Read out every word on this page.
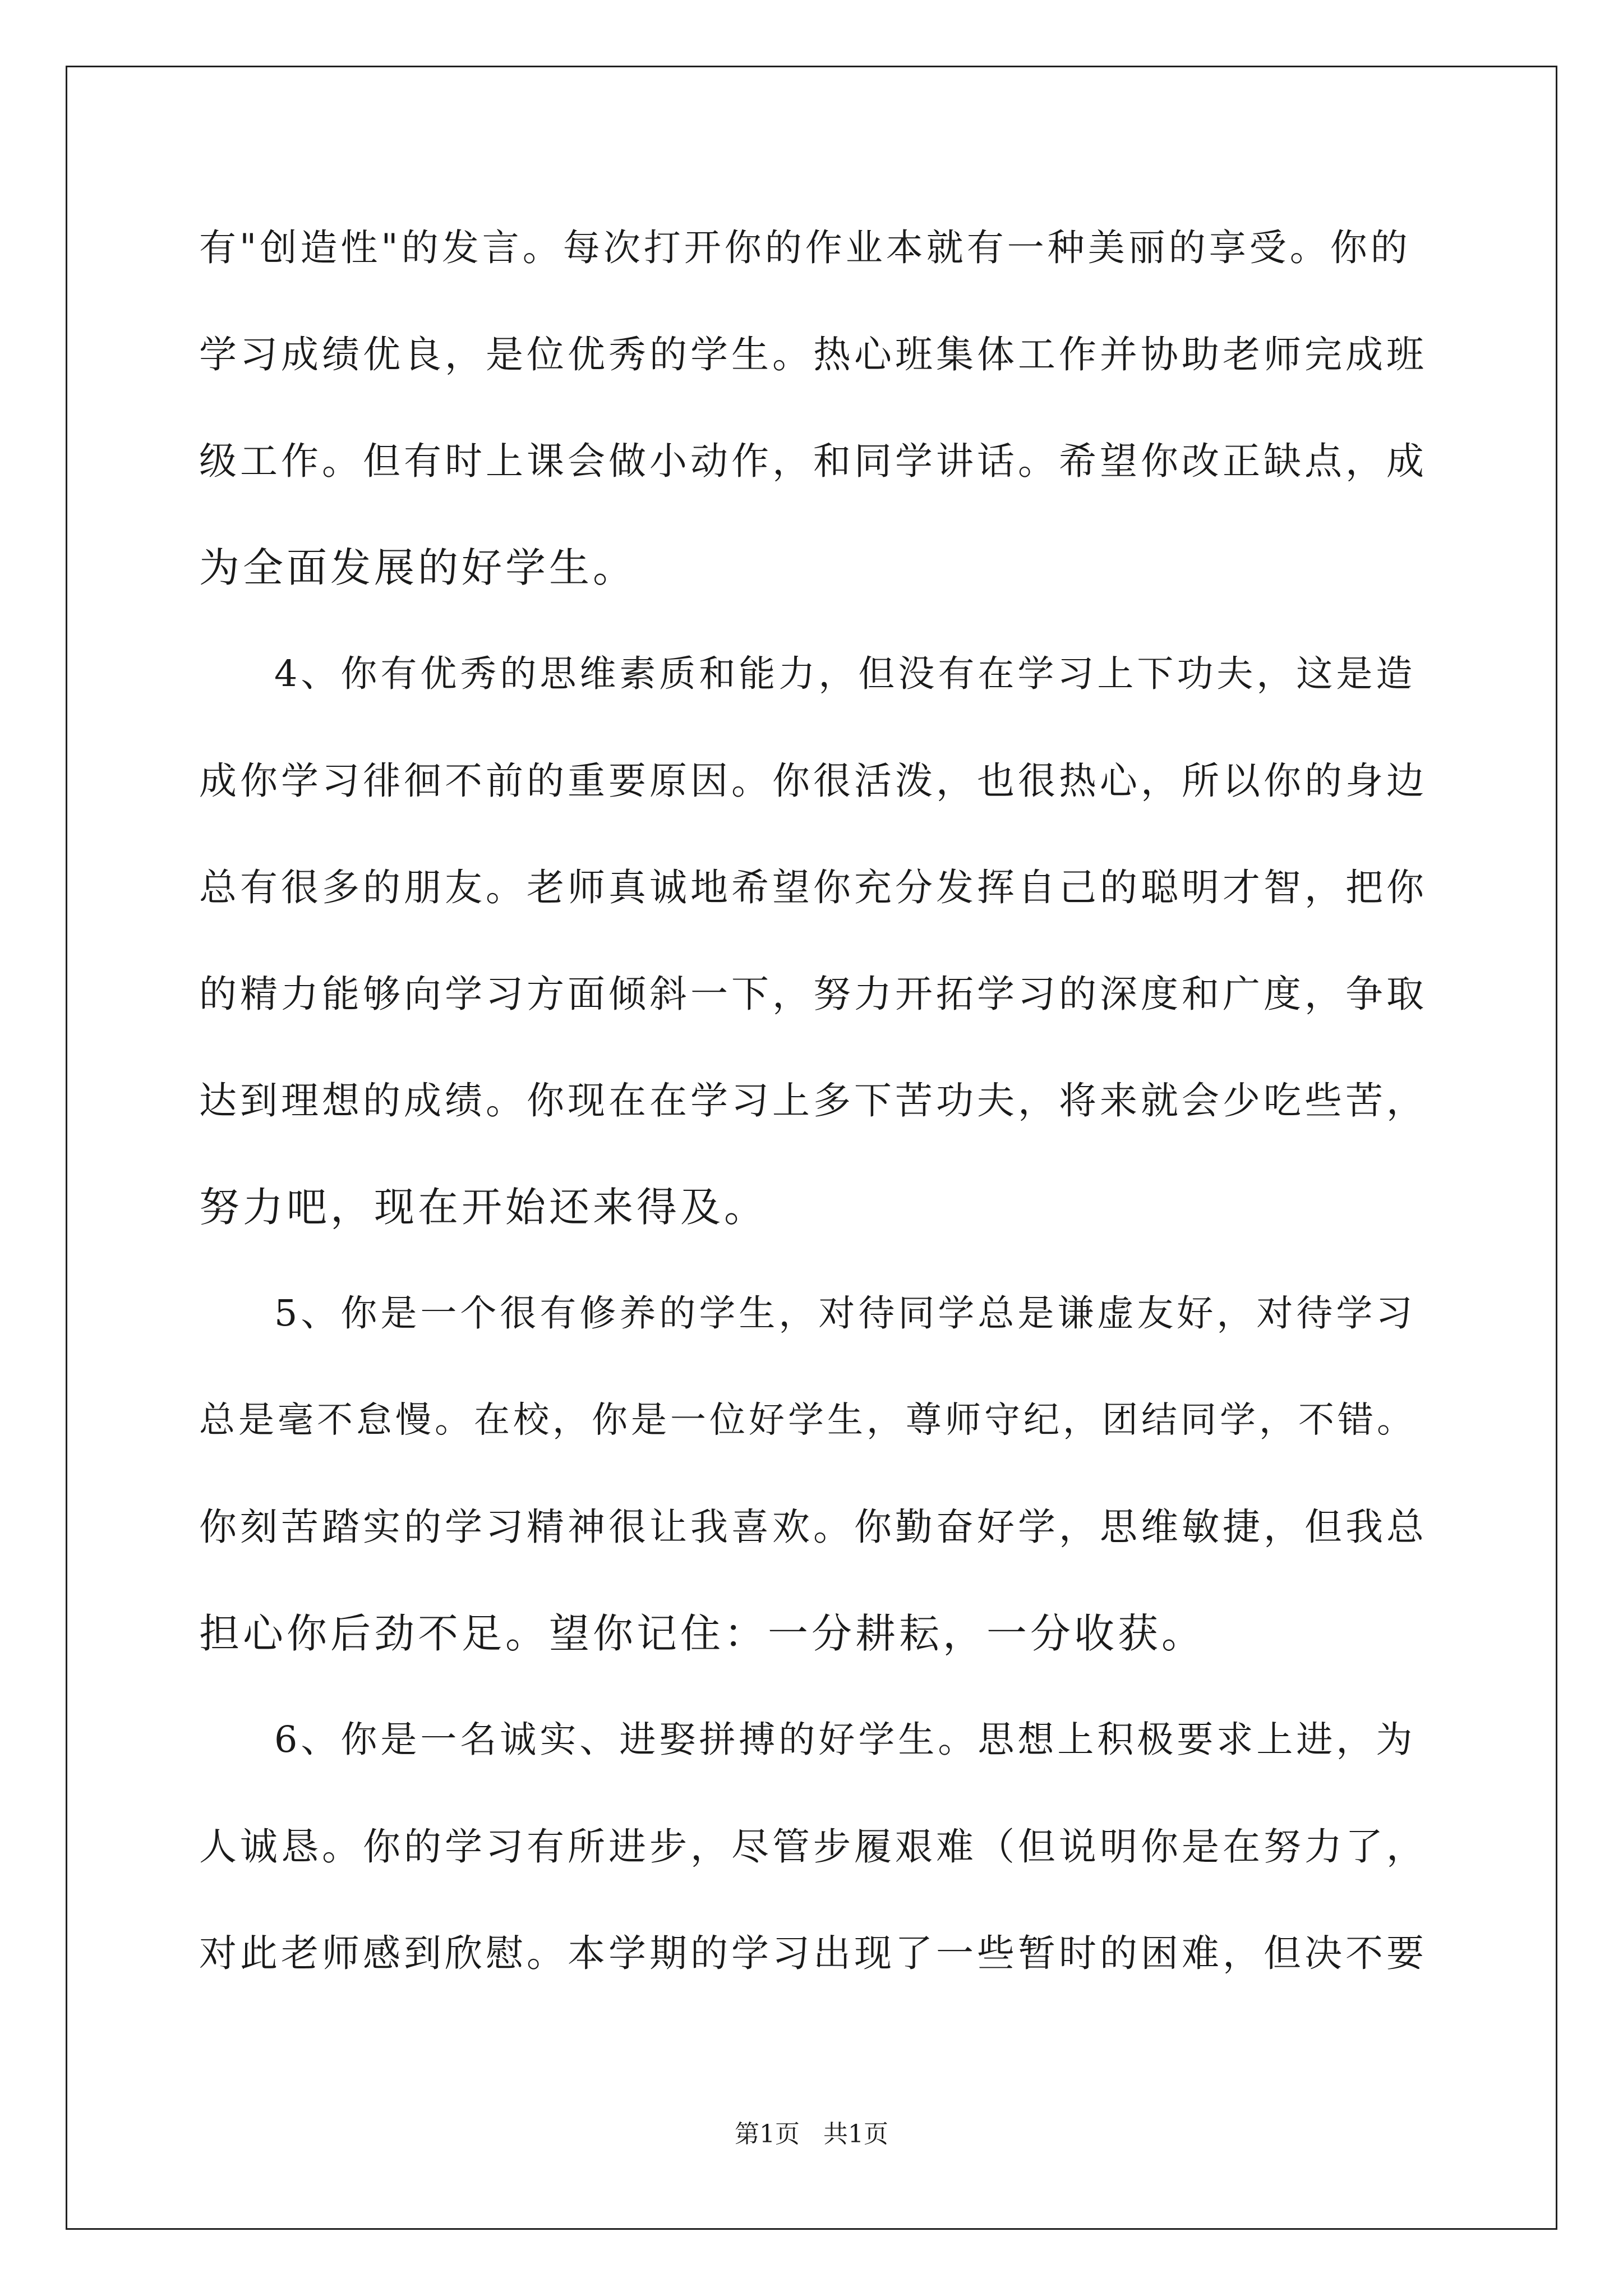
有"创造性"的发言。每次打开你的作业本就有一种美丽的享受。你的
学习成绩优良，是位优秀的学生。热心班集体工作并协助老师完成班
级工作。但有时上课会做小动作，和同学讲话。希望你改正缺点，成
为全面发展的好学生。
4、你有优秀的思维素质和能力，但没有在学习上下功夫，这是造
成你学习徘徊不前的重要原因。你很活泼，也很热心，所以你的身边
总有很多的朋友。老师真诚地希望你充分发挥自己的聪明才智，把你
的精力能够向学习方面倾斜一下，努力开拓学习的深度和广度，争取
达到理想的成绩。你现在在学习上多下苦功夫，将来就会少吃些苦，
努力吧，现在开始还来得及。
5、你是一个很有修养的学生，对待同学总是谦虚友好，对待学习
总是毫不怠慢。在校，你是一位好学生，尊师守纪，团结同学，不错。
你刻苦踏实的学习精神很让我喜欢。你勤奋好学，思维敏捷，但我总
担心你后劲不足。望你记住：一分耕耘，一分收获。
6、你是一名诚实、进娶拼搏的好学生。思想上积极要求上进，为
人诚恳。你的学习有所进步，尽管步履艰难（但说明你是在努力了，
对此老师感到欣慰。本学期的学习出现了一些暂时的困难，但决不要
第1页   共1页
